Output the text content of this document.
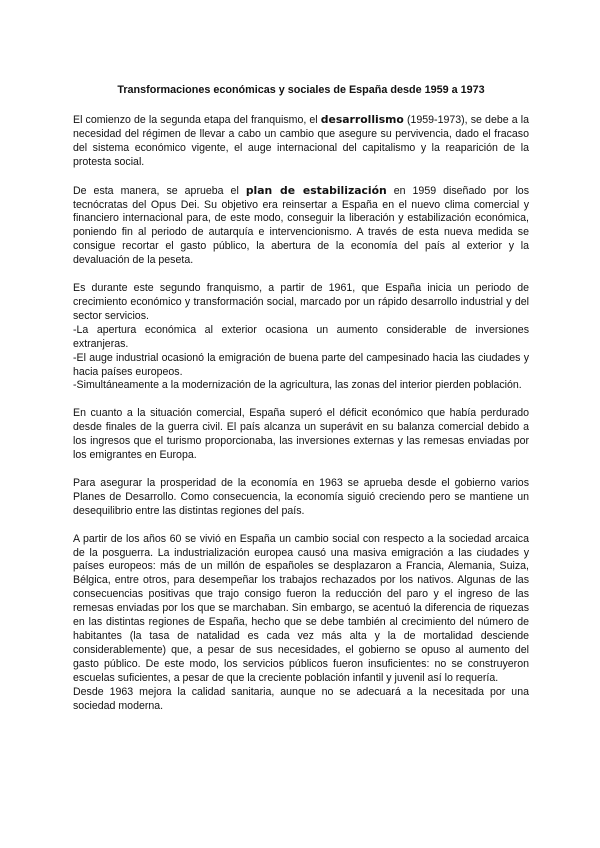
Transformaciones económicas y sociales de España desde 1959 a 1973

El comienzo de la segunda etapa del franquismo, el desarrollismo (1959-1973), se debe a la necesidad del régimen de llevar a cabo un cambio que asegure su pervivencia, dado el fracaso del sistema económico vigente, el auge internacional del capitalismo y la reaparición de la protesta social.

De esta manera, se aprueba el plan de estabilización en 1959 diseñado por los tecnócratas del Opus Dei. Su objetivo era reinsertar a España en el nuevo clima comercial y financiero internacional para, de este modo, conseguir la liberación y estabilización económica, poniendo fin al periodo de autarquía e intervencionismo. A través de esta nueva medida se consigue recortar el gasto público, la abertura de la economía del país al exterior y la devaluación de la peseta.

Es durante este segundo franquismo, a partir de 1961, que España inicia un periodo de crecimiento económico y transformación social, marcado por un rápido desarrollo industrial y del sector servicios.
-La apertura económica al exterior ocasiona un aumento considerable de inversiones extranjeras.
-El auge industrial ocasionó la emigración de buena parte del campesinado hacia las ciudades y hacia países europeos.
-Simultáneamente a la modernización de la agricultura, las zonas del interior pierden población.

En cuanto a la situación comercial, España superó el déficit económico que había perdurado desde finales de la guerra civil. El país alcanza un superávit en su balanza comercial debido a los ingresos que el turismo proporcionaba, las inversiones externas y las remesas enviadas por los emigrantes en Europa.

Para asegurar la prosperidad de la economía en 1963 se aprueba desde el gobierno varios Planes de Desarrollo. Como consecuencia, la economía siguió creciendo pero se mantiene un desequilibrio entre las distintas regiones del país.

A partir de los años 60 se vivió en España un cambio social con respecto a la sociedad arcaica de la posguerra. La industrialización europea causó una masiva emigración a las ciudades y países europeos: más de un millón de españoles se desplazaron a Francia, Alemania, Suiza, Bélgica, entre otros, para desempeñar los trabajos rechazados por los nativos. Algunas de las consecuencias positivas que trajo consigo fueron la reducción del paro y el ingreso de las remesas enviadas por los que se marchaban. Sin embargo, se acentuó la diferencia de riquezas en las distintas regiones de España, hecho que se debe también al crecimiento del número de habitantes (la tasa de natalidad es cada vez más alta y la de mortalidad desciende considerablemente) que, a pesar de sus necesidades, el gobierno se opuso al aumento del gasto público. De este modo, los servicios públicos fueron insuficientes: no se construyeron escuelas suficientes, a pesar de que la creciente población infantil y juvenil así lo requería.

Desde 1963 mejora la calidad sanitaria, aunque no se adecuará a la necesitada por una sociedad moderna.
